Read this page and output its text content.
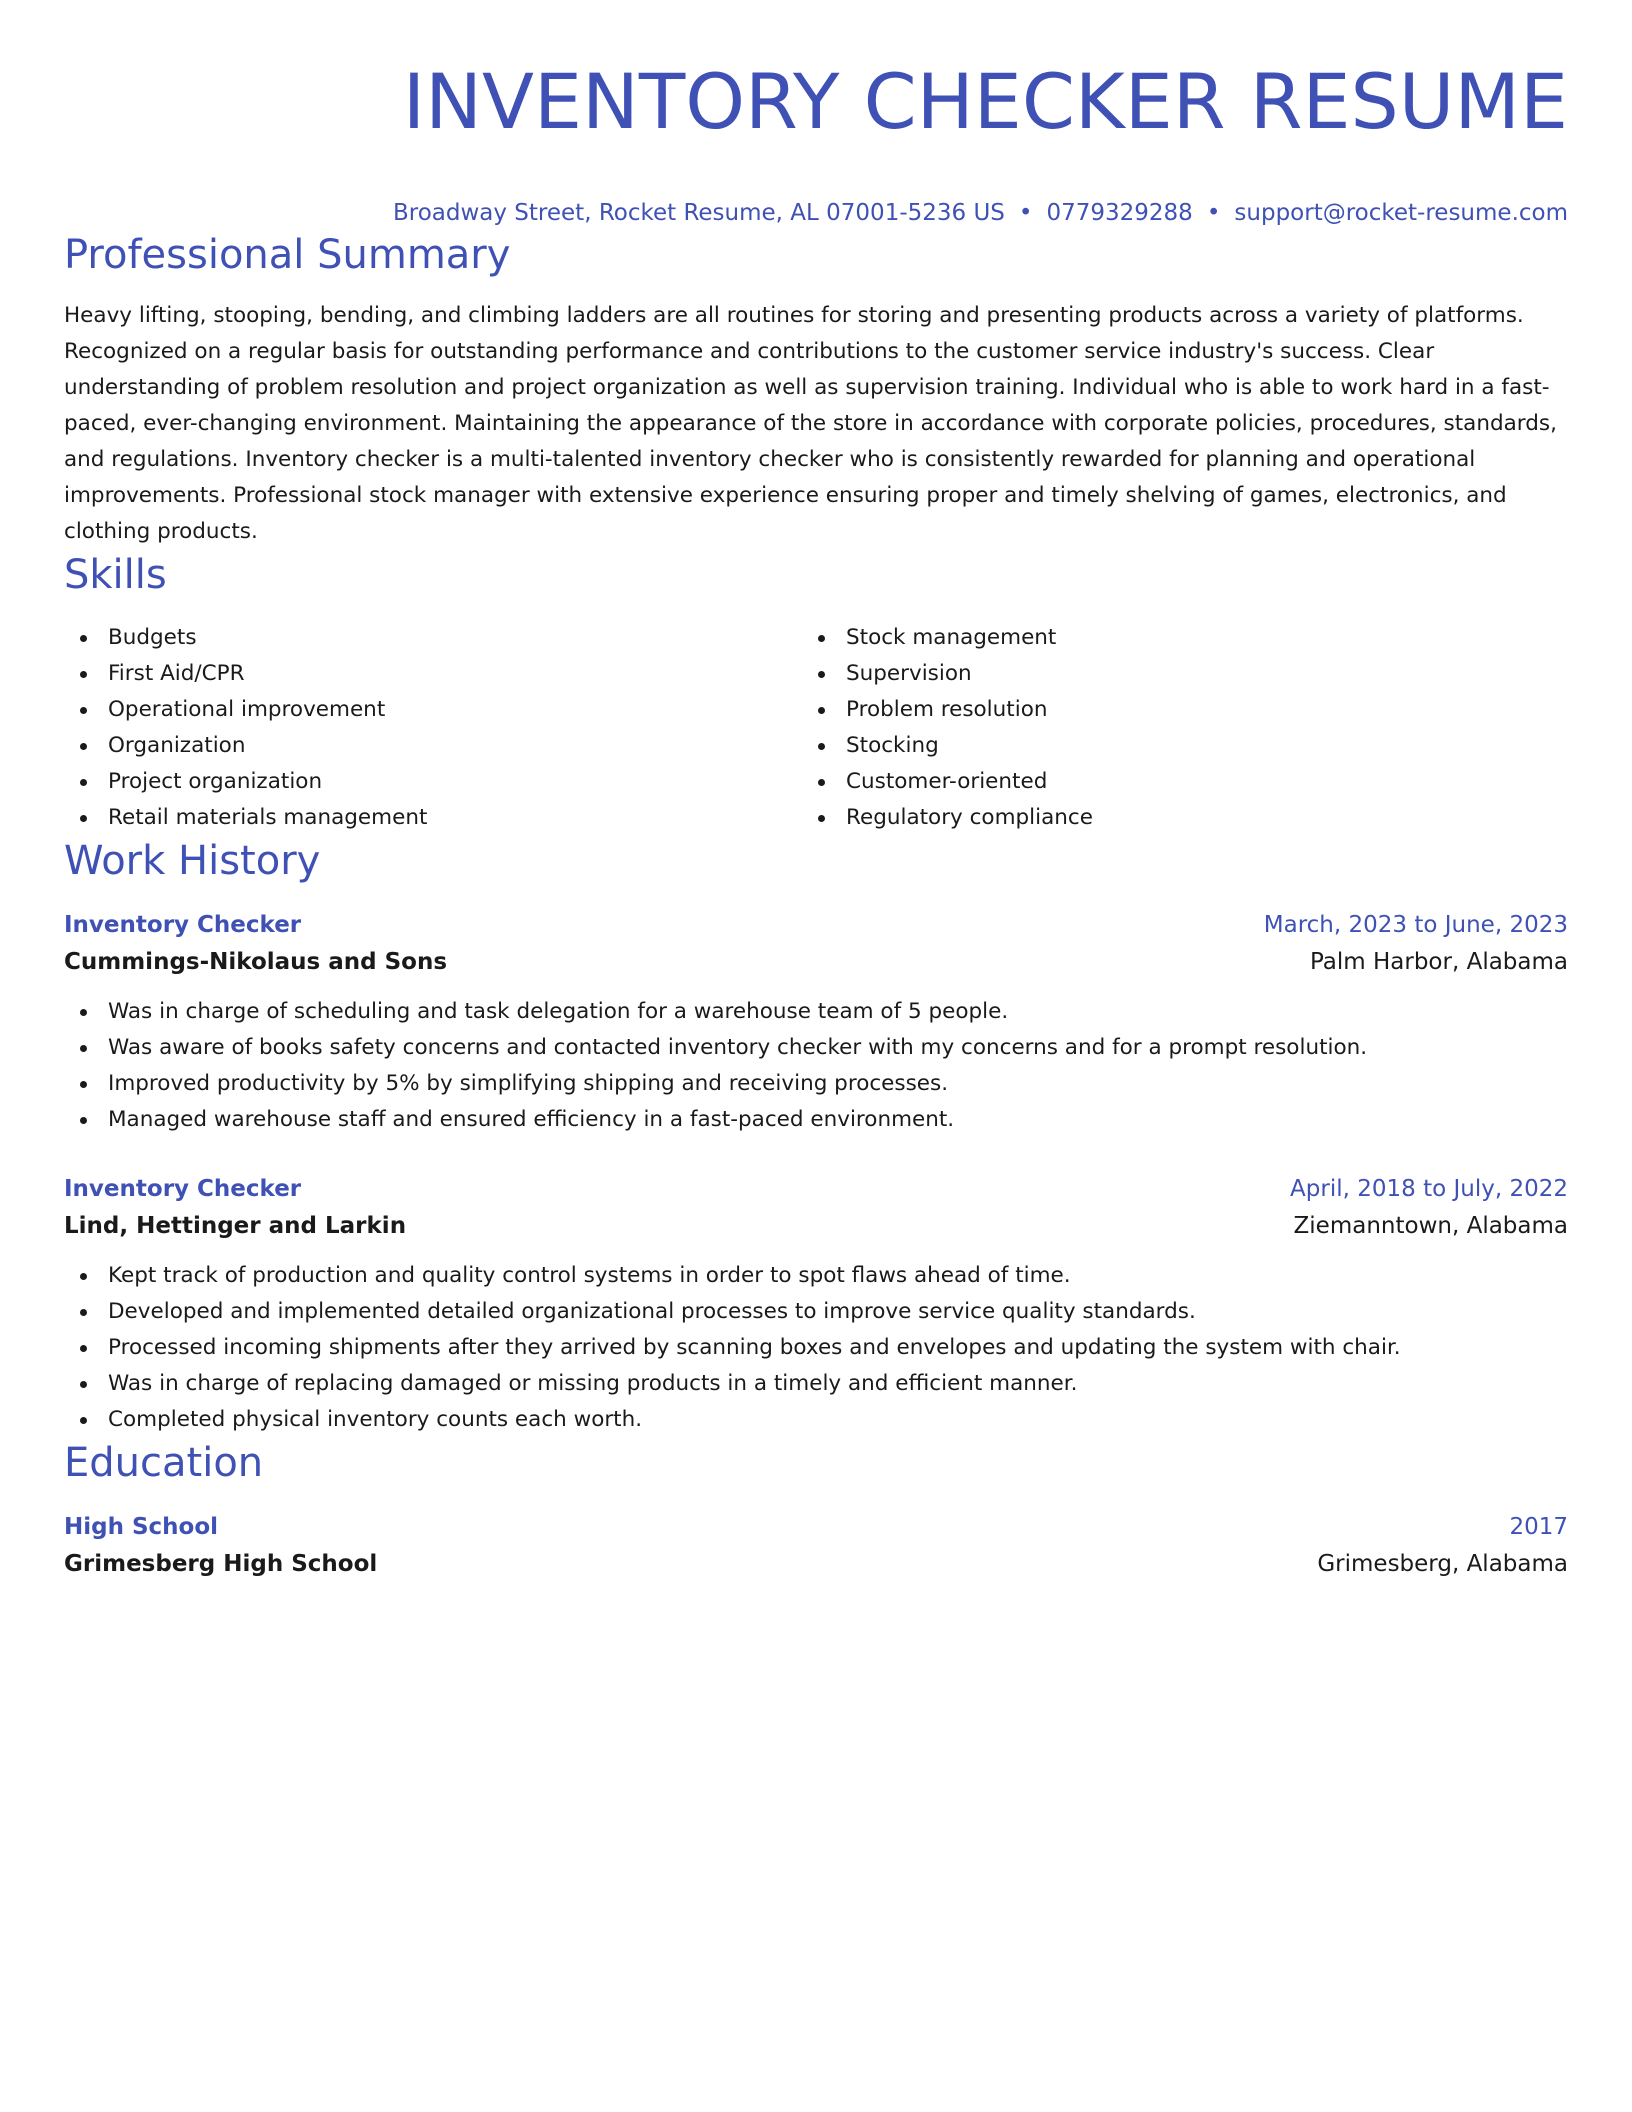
INVENTORY CHECKER RESUME
Broadway Street, Rocket Resume, AL 07001-5236 US • 0779329288 • support@rocket-resume.com
Professional Summary
Heavy lifting, stooping, bending, and climbing ladders are all routines for storing and presenting products across a variety of platforms. Recognized on a regular basis for outstanding performance and contributions to the customer service industry's success. Clear understanding of problem resolution and project organization as well as supervision training. Individual who is able to work hard in a fast-paced, ever-changing environment. Maintaining the appearance of the store in accordance with corporate policies, procedures, standards, and regulations. Inventory checker is a multi-talented inventory checker who is consistently rewarded for planning and operational improvements. Professional stock manager with extensive experience ensuring proper and timely shelving of games, electronics, and clothing products.
Skills
Budgets
First Aid/CPR
Operational improvement
Organization
Project organization
Retail materials management
Stock management
Supervision
Problem resolution
Stocking
Customer-oriented
Regulatory compliance
Work History
Inventory Checker	March, 2023 to June, 2023
Cummings-Nikolaus and Sons	Palm Harbor, Alabama
Was in charge of scheduling and task delegation for a warehouse team of 5 people.
Was aware of books safety concerns and contacted inventory checker with my concerns and for a prompt resolution.
Improved productivity by 5% by simplifying shipping and receiving processes.
Managed warehouse staff and ensured efficiency in a fast-paced environment.
Inventory Checker	April, 2018 to July, 2022
Lind, Hettinger and Larkin	Ziemanntown, Alabama
Kept track of production and quality control systems in order to spot flaws ahead of time.
Developed and implemented detailed organizational processes to improve service quality standards.
Processed incoming shipments after they arrived by scanning boxes and envelopes and updating the system with chair.
Was in charge of replacing damaged or missing products in a timely and efficient manner.
Completed physical inventory counts each worth.
Education
High School	2017
Grimesberg High School	Grimesberg, Alabama
